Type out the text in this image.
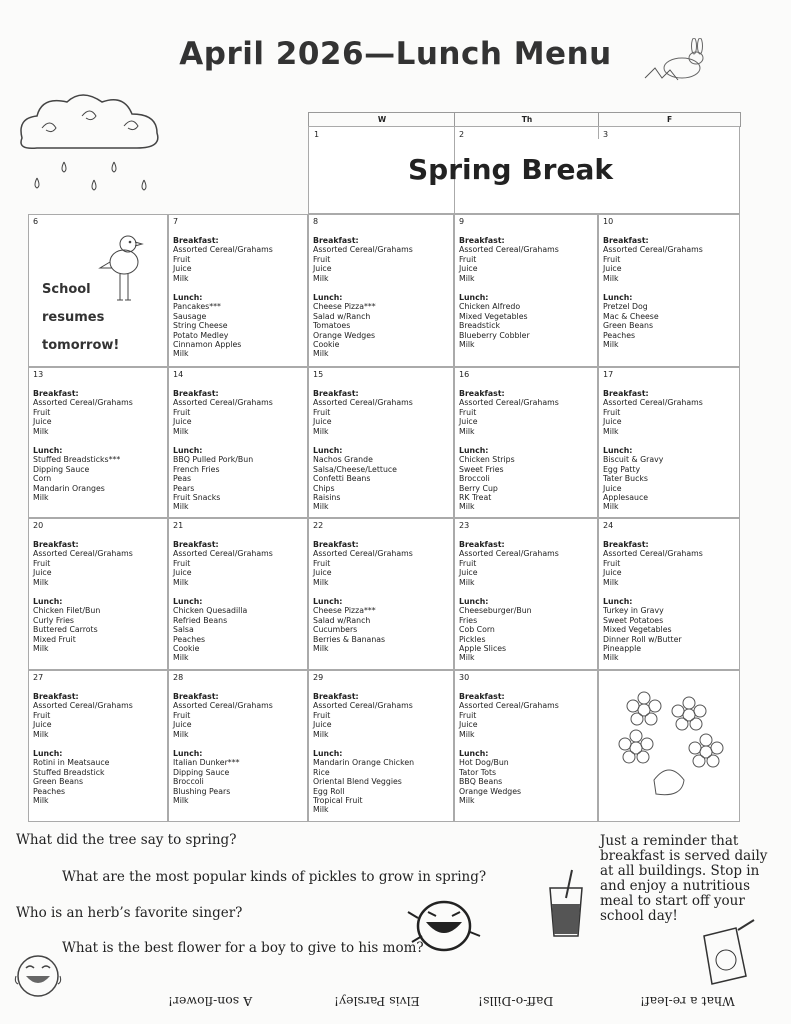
April 2026—Lunch Menu
W	Th	F
1	2	3
Spring Break
6
School
resumes
tomorrow!
7
Breakfast:
Assorted Cereal/Grahams
Fruit
Juice
Milk
Lunch:
Pancakes***
Sausage
String Cheese
Potato Medley
Cinnamon Apples
Milk
8
Breakfast:
Assorted Cereal/Grahams
Fruit
Juice
Milk
Lunch:
Cheese Pizza***
Salad w/Ranch
Tomatoes
Orange Wedges
Cookie
Milk
9
Breakfast:
Assorted Cereal/Grahams
Fruit
Juice
Milk
Lunch:
Chicken Alfredo
Mixed Vegetables
Breadstick
Blueberry Cobbler
Milk
10
Breakfast:
Assorted Cereal/Grahams
Fruit
Juice
Milk
Lunch:
Pretzel Dog
Mac & Cheese
Green Beans
Peaches
Milk
13
Breakfast:
Assorted Cereal/Grahams
Fruit
Juice
Milk
Lunch:
Stuffed Breadsticks***
Dipping Sauce
Corn
Mandarin Oranges
Milk
14
Breakfast:
Assorted Cereal/Grahams
Fruit
Juice
Milk
Lunch:
BBQ Pulled Pork/Bun
French Fries
Peas
Pears
Fruit Snacks
Milk
15
Breakfast:
Assorted Cereal/Grahams
Fruit
Juice
Milk
Lunch:
Nachos Grande
Salsa/Cheese/Lettuce
Confetti Beans
Chips
Raisins
Milk
16
Breakfast:
Assorted Cereal/Grahams
Fruit
Juice
Milk
Lunch:
Chicken Strips
Sweet Fries
Broccoli
Berry Cup
RK Treat
Milk
17
Breakfast:
Assorted Cereal/Grahams
Fruit
Juice
Milk
Lunch:
Biscuit & Gravy
Egg Patty
Tater Bucks
Juice
Applesauce
Milk
20
Breakfast:
Assorted Cereal/Grahams
Fruit
Juice
Milk
Lunch:
Chicken Filet/Bun
Curly Fries
Buttered Carrots
Mixed Fruit
Milk
21
Breakfast:
Assorted Cereal/Grahams
Fruit
Juice
Milk
Lunch:
Chicken Quesadilla
Refried Beans
Salsa
Peaches
Cookie
Milk
22
Breakfast:
Assorted Cereal/Grahams
Fruit
Juice
Milk
Lunch:
Cheese Pizza***
Salad w/Ranch
Cucumbers
Berries & Bananas
Milk
23
Breakfast:
Assorted Cereal/Grahams
Fruit
Juice
Milk
Lunch:
Cheeseburger/Bun
Fries
Cob Corn
Pickles
Apple Slices
Milk
24
Breakfast:
Assorted Cereal/Grahams
Fruit
Juice
Milk
Lunch:
Turkey in Gravy
Sweet Potatoes
Mixed Vegetables
Dinner Roll w/Butter
Pineapple
Milk
27
Breakfast:
Assorted Cereal/Grahams
Fruit
Juice
Milk
Lunch:
Rotini in Meatsauce
Stuffed Breadstick
Green Beans
Peaches
Milk
28
Breakfast:
Assorted Cereal/Grahams
Fruit
Juice
Milk
Lunch:
Italian Dunker***
Dipping Sauce
Broccoli
Blushing Pears
Milk
29
Breakfast:
Assorted Cereal/Grahams
Fruit
Juice
Milk
Lunch:
Mandarin Orange Chicken
Rice
Oriental Blend Veggies
Egg Roll
Tropical Fruit
Milk
30
Breakfast:
Assorted Cereal/Grahams
Fruit
Juice
Milk
Lunch:
Hot Dog/Bun
Tator Tots
BBQ Beans
Orange Wedges
Milk
What did the tree say to spring?
What are the most popular kinds of pickles to grow in spring?
Who is an herb’s favorite singer?
What is the best flower for a boy to give to his mom?
Just a reminder that breakfast is served daily at all buildings. Stop in and enjoy a nutritious meal to start off your school day!
A son-flower!	Elvis Parsley!	Daff-o-Dills!	What a re-leaf!
